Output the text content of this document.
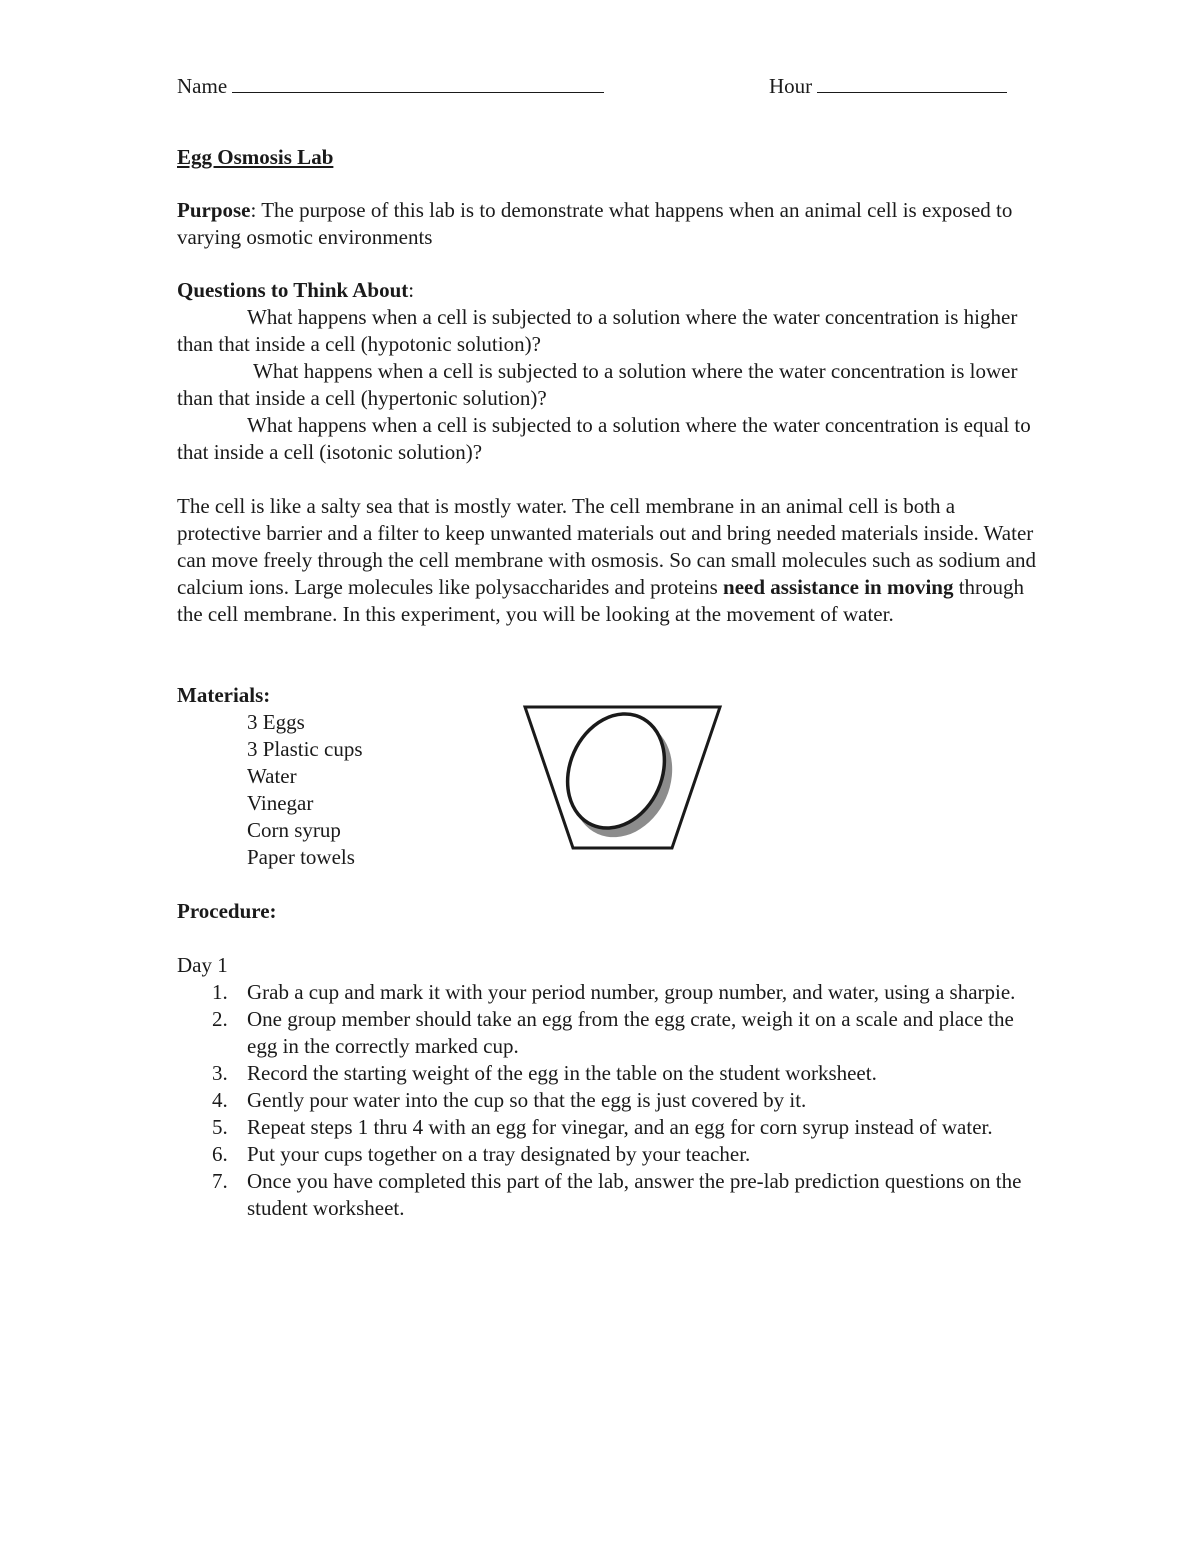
Name	Hour
Egg Osmosis Lab
Purpose: The purpose of this lab is to demonstrate what happens when an animal cell is exposed to varying osmotic environments
Questions to Think About:
What happens when a cell is subjected to a solution where the water concentration is higher than that inside a cell (hypotonic solution)?
What happens when a cell is subjected to a solution where the water concentration is lower than that inside a cell (hypertonic solution)?
What happens when a cell is subjected to a solution where the water concentration is equal to that inside a cell (isotonic solution)?
The cell is like a salty sea that is mostly water. The cell membrane in an animal cell is both a protective barrier and a filter to keep unwanted materials out and bring needed materials inside. Water can move freely through the cell membrane with osmosis. So can small molecules such as sodium and calcium ions. Large molecules like polysaccharides and proteins need assistance in moving through the cell membrane. In this experiment, you will be looking at the movement of water.
Materials:
3 Eggs
3 Plastic cups
Water
Vinegar
Corn syrup
Paper towels
Procedure:
Day 1
1. Grab a cup and mark it with your period number, group number, and water, using a sharpie.
2. One group member should take an egg from the egg crate, weigh it on a scale and place the egg in the correctly marked cup.
3. Record the starting weight of the egg in the table on the student worksheet.
4. Gently pour water into the cup so that the egg is just covered by it.
5. Repeat steps 1 thru 4 with an egg for vinegar, and an egg for corn syrup instead of water.
6. Put your cups together on a tray designated by your teacher.
7. Once you have completed this part of the lab, answer the pre-lab prediction questions on the student worksheet.
